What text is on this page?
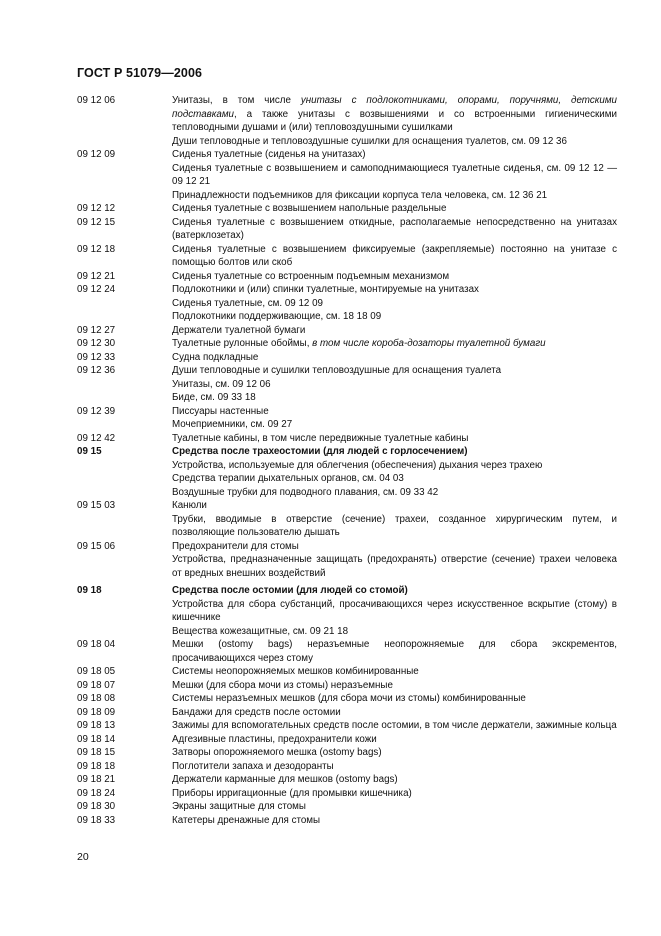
ГОСТ Р 51079—2006
09 12 06	Унитазы, в том числе унитазы с подлокотниками, опорами, поручнями, детскими подставками, а также унитазы с возвышениями и со встроенными гигиеническими тепловодными душами и (или) тепловоздушными сушилками
Души тепловодные и тепловоздушные сушилки для оснащения туалетов, см. 09 12 36
09 12 09	Сиденья туалетные (сиденья на унитазах)
Сиденья туалетные с возвышением и самоподнимающиеся туалетные сиденья, см. 09 12 12 — 09 12 21
Принадлежности подъемников для фиксации корпуса тела человека, см. 12 36 21
09 12 12	Сиденья туалетные с возвышением напольные раздельные
09 12 15	Сиденья туалетные с возвышением откидные, располагаемые непосредственно на унитазах (ватерклозетах)
09 12 18	Сиденья туалетные с возвышением фиксируемые (закрепляемые) постоянно на унитазе с помощью болтов или скоб
09 12 21	Сиденья туалетные со встроенным подъемным механизмом
09 12 24	Подлокотники и (или) спинки туалетные, монтируемые на унитазах
Сиденья туалетные, см. 09 12 09
Подлокотники поддерживающие, см. 18 18 09
09 12 27	Держатели туалетной бумаги
09 12 30	Туалетные рулонные обоймы, в том числе короба-дозаторы туалетной бумаги
09 12 33	Судна подкладные
09 12 36	Души тепловодные и сушилки тепловоздушные для оснащения туалета
Унитазы, см. 09 12 06
Биде, см. 09 33 18
09 12 39	Писсуары настенные
Мочеприемники, см. 09 27
09 12 42	Туалетные кабины, в том числе передвижные туалетные кабины
09 15	Средства после трахеостомии (для людей с горлосечением)
Устройства, используемые для облегчения (обеспечения) дыхания через трахею
Средства терапии дыхательных органов, см. 04 03
Воздушные трубки для подводного плавания, см. 09 33 42
09 15 03	Канюли
Трубки, вводимые в отверстие (сечение) трахеи, созданное хирургическим путем, и позволяющие пользователю дышать
09 15 06	Предохранители для стомы
Устройства, предназначенные защищать (предохранять) отверстие (сечение) трахеи человека от вредных внешних воздействий
09 18	Средства после остомии (для людей со стомой)
Устройства для сбора субстанций, просачивающихся через искусственное вскрытие (стому) в кишечнике
Вещества кожезащитные, см. 09 21 18
09 18 04	Мешки (ostomy bags) неразъемные неопорожняемые для сбора экскрементов, просачивающихся через стому
09 18 05	Системы неопорожняемых мешков комбинированные
09 18 07	Мешки (для сбора мочи из стомы) неразъемные
09 18 08	Системы неразъемных мешков (для сбора мочи из стомы) комбинированные
09 18 09	Бандажи для средств после остомии
09 18 13	Зажимы для вспомогательных средств после остомии, в том числе держатели, зажимные кольца
09 18 14	Адгезивные пластины, предохранители кожи
09 18 15	Затворы опорожняемого мешка (ostomy bags)
09 18 18	Поглотители запаха и дезодоранты
09 18 21	Держатели карманные для мешков (ostomy bags)
09 18 24	Приборы ирригационные (для промывки кишечника)
09 18 30	Экраны защитные для стомы
09 18 33	Катетеры дренажные для стомы
20
